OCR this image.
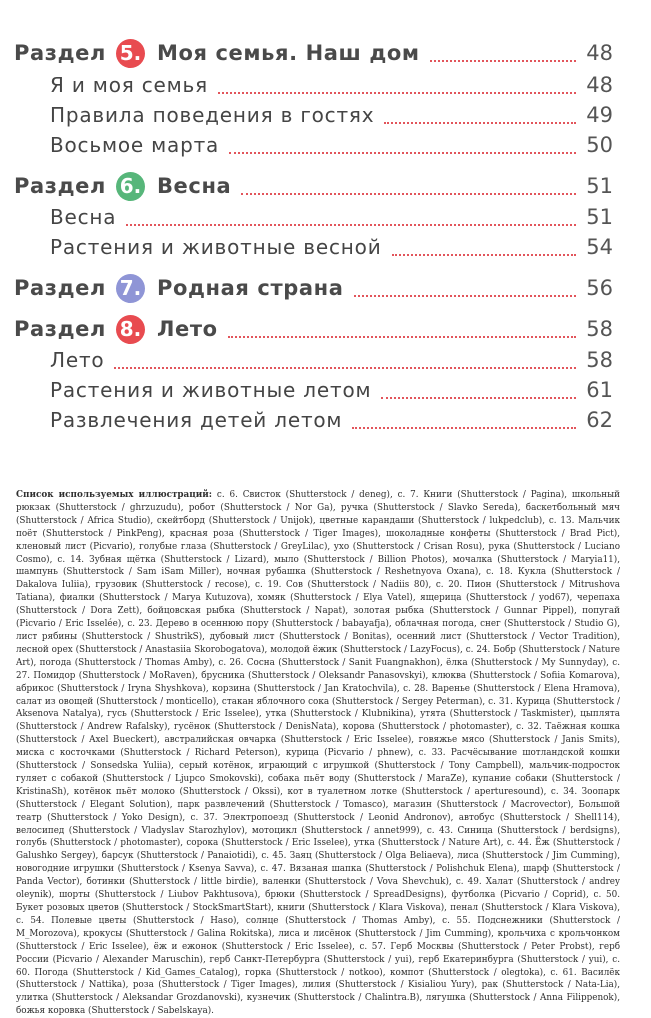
Раздел 5. Моя семья. Наш дом	48
Я и моя семья	48
Правила поведения в гостях	49
Восьмое марта	50
Раздел 6. Весна	51
Весна	51
Растения и животные весной	54
Раздел 7. Родная страна	56
Раздел 8. Лето	58
Лето	58
Растения и животные летом	61
Развлечения детей летом	62

Список используемых иллюстраций: с. 6. Свисток (Shutterstock / deneg), с. 7. Книги (Shutterstock / Pagina), школьный рюкзак (Shutterstock / ghrzuzudu), робот (Shutterstock / Nor Ga), ручка (Shutterstock / Slavko Sereda), баскетбольный мяч (Shutterstock / Africa Studio), скейтборд (Shutterstock / Unijok), цветные карандаши (Shutterstock / lukpedclub), с. 13. Мальчик поёт (Shutterstock / PinkPeng), красная роза (Shutterstock / Tiger Images), шоколадные конфеты (Shutterstock / Brad Pict), кленовый лист (Picvario), голубые глаза (Shutterstock / GreyLilac), ухо (Shutterstock / Crisan Rosu), рука (Shutterstock / Luciano Cosmo), с. 14. Зубная щётка (Shutterstock / Lizard), мыло (Shutterstock / Billion Photos), мочалка (Shutterstock / Maryia11), шампунь (Shutterstock / Sam iSam Miller), ночная рубашка (Shutterstock / Reshetnyova Oxana), с. 18. Кукла (Shutterstock / Dakalova Iuliia), грузовик (Shutterstock / recose), с. 19. Сов (Shutterstock / Nadiis 80), с. 20. Пион (Shutterstock / Mitrushova Tatiana), фиалки (Shutterstock / Marya Kutuzova), хомяк (Shutterstock / Elya Vatel), ящерица (Shutterstock / yod67), черепаха (Shutterstock / Dora Zett), бойцовская рыбка (Shutterstock / Napat), золотая рыбка (Shutterstock / Gunnar Pippel), попугай (Picvario / Eric Isselée), с. 23. Дерево в осеннюю пору (Shutterstock / babayafja), облачная погода, снег (Shutterstock / Studio G), лист рябины (Shutterstock / ShustrikS), дубовый лист (Shutterstock / Bonitas), осенний лист (Shutterstock / Vector Tradition), лесной орех (Shutterstock / Anastasiia Skorobogatova), молодой ёжик (Shutterstock / LazyFocus), с. 24. Бобр (Shutterstock / Nature Art), погода (Shutterstock / Thomas Amby), с. 26. Сосна (Shutterstock / Sanit Fuangnakhon), ёлка (Shutterstock / My Sunnyday), с. 27. Помидор (Shutterstock / MoRaven), брусника (Shutterstock / Oleksandr Panasovskyi), клюква (Shutterstock / Sofiia Komarova), абрикос (Shutterstock / Iryna Shyshkova), корзина (Shutterstock / Jan Kratochvila), с. 28. Варенье (Shutterstock / Elena Hramova), салат из овощей (Shutterstock / monticello), стакан яблочного сока (Shutterstock / Sergey Peterman), с. 31. Курица (Shutterstock / Aksenova Natalya), гусь (Shutterstock / Eric Isselee), утка (Shutterstock / Klubnikina), утята (Shutterstock / Taskmister), цыплята (Shutterstock / Andrew Rafalsky), гусёнок (Shutterstock / DenisNata), корова (Shutterstock / photomaster), с. 32. Таёжная кошка (Shutterstock / Axel Bueckert), австралийская овчарка (Shutterstock / Eric Isselee), говяжье мясо (Shutterstock / Janis Smits), миска с косточками (Shutterstock / Richard Peterson), курица (Picvario / phnew), с. 33. Расчёсывание шотландской кошки (Shutterstock / Sonsedska Yuliia), серый котёнок, играющий с игрушкой (Shutterstock / Tony Campbell), мальчик-подросток гуляет с собакой (Shutterstock / Ljupco Smokovski), собака пьёт воду (Shutterstock / MaraZe), купание собаки (Shutterstock / KristinaSh), котёнок пьёт молоко (Shutterstock / Okssi), кот в туалетном лотке (Shutterstock / aperturesound), с. 34. Зоопарк (Shutterstock / Elegant Solution), парк развлечений (Shutterstock / Tomasco), магазин (Shutterstock / Macrovector), Большой театр (Shutterstock / Yoko Design), с. 37. Электропоезд (Shutterstock / Leonid Andronov), автобус (Shutterstock / Shell114), велосипед (Shutterstock / Vladyslav Starozhylov), мотоцикл (Shutterstock / annet999), с. 43. Синица (Shutterstock / berdsigns), голубь (Shutterstock / photomaster), сорока (Shutterstock / Eric Isselee), утка (Shutterstock / Nature Art), с. 44. Ёж (Shutterstock / Galushko Sergey), барсук (Shutterstock / Panaiotidi), с. 45. Заяц (Shutterstock / Olga Beliaeva), лиса (Shutterstock / Jim Cumming), новогодние игрушки (Shutterstock / Ksenya Savva), с. 47. Вязаная шапка (Shutterstock / Polishchuk Elena), шарф (Shutterstock / Panda Vector), ботинки (Shutterstock / little birdie), валенки (Shutterstock / Vova Shevchuk), с. 49. Халат (Shutterstock / andrey oleynik), шорты (Shutterstock / Liubov Pakhtusova), брюки (Shutterstock / SpreadDesigns), футболка (Picvario / Coprid), с. 50. Букет розовых цветов (Shutterstock / StockSmartStart), книги (Shutterstock / Klara Viskova), пенал (Shutterstock / Klara Viskova), с. 54. Полевые цветы (Shutterstock / Haso), солнце (Shutterstock / Thomas Amby), с. 55. Подснежники (Shutterstock / M_Morozova), крокусы (Shutterstock / Galina Rokitska), лиса и лисёнок (Shutterstock / Jim Cumming), крольчиха с крольчонком (Shutterstock / Eric Isselee), ёж и ежонок (Shutterstock / Eric Isselee), с. 57. Герб Москвы (Shutterstock / Peter Probst), герб России (Picvario / Alexander Maruschin), герб Санкт-Петербурга (Shutterstock / yui), герб Екатеринбурга (Shutterstock / yui), с. 60. Погода (Shutterstock / Kid_Games_Catalog), горка (Shutterstock / notkoo), компот (Shutterstock / olegtoka), с. 61. Василёк (Shutterstock / Nattika), роза (Shutterstock / Tiger Images), лилия (Shutterstock / Kisialiou Yury), рак (Shutterstock / Nata-Lia), улитка (Shutterstock / Aleksandar Grozdanovski), кузнечик (Shutterstock / Chalintra.B), лягушка (Shutterstock / Anna Filippenok), божья коровка (Shutterstock / Sabelskaya).
